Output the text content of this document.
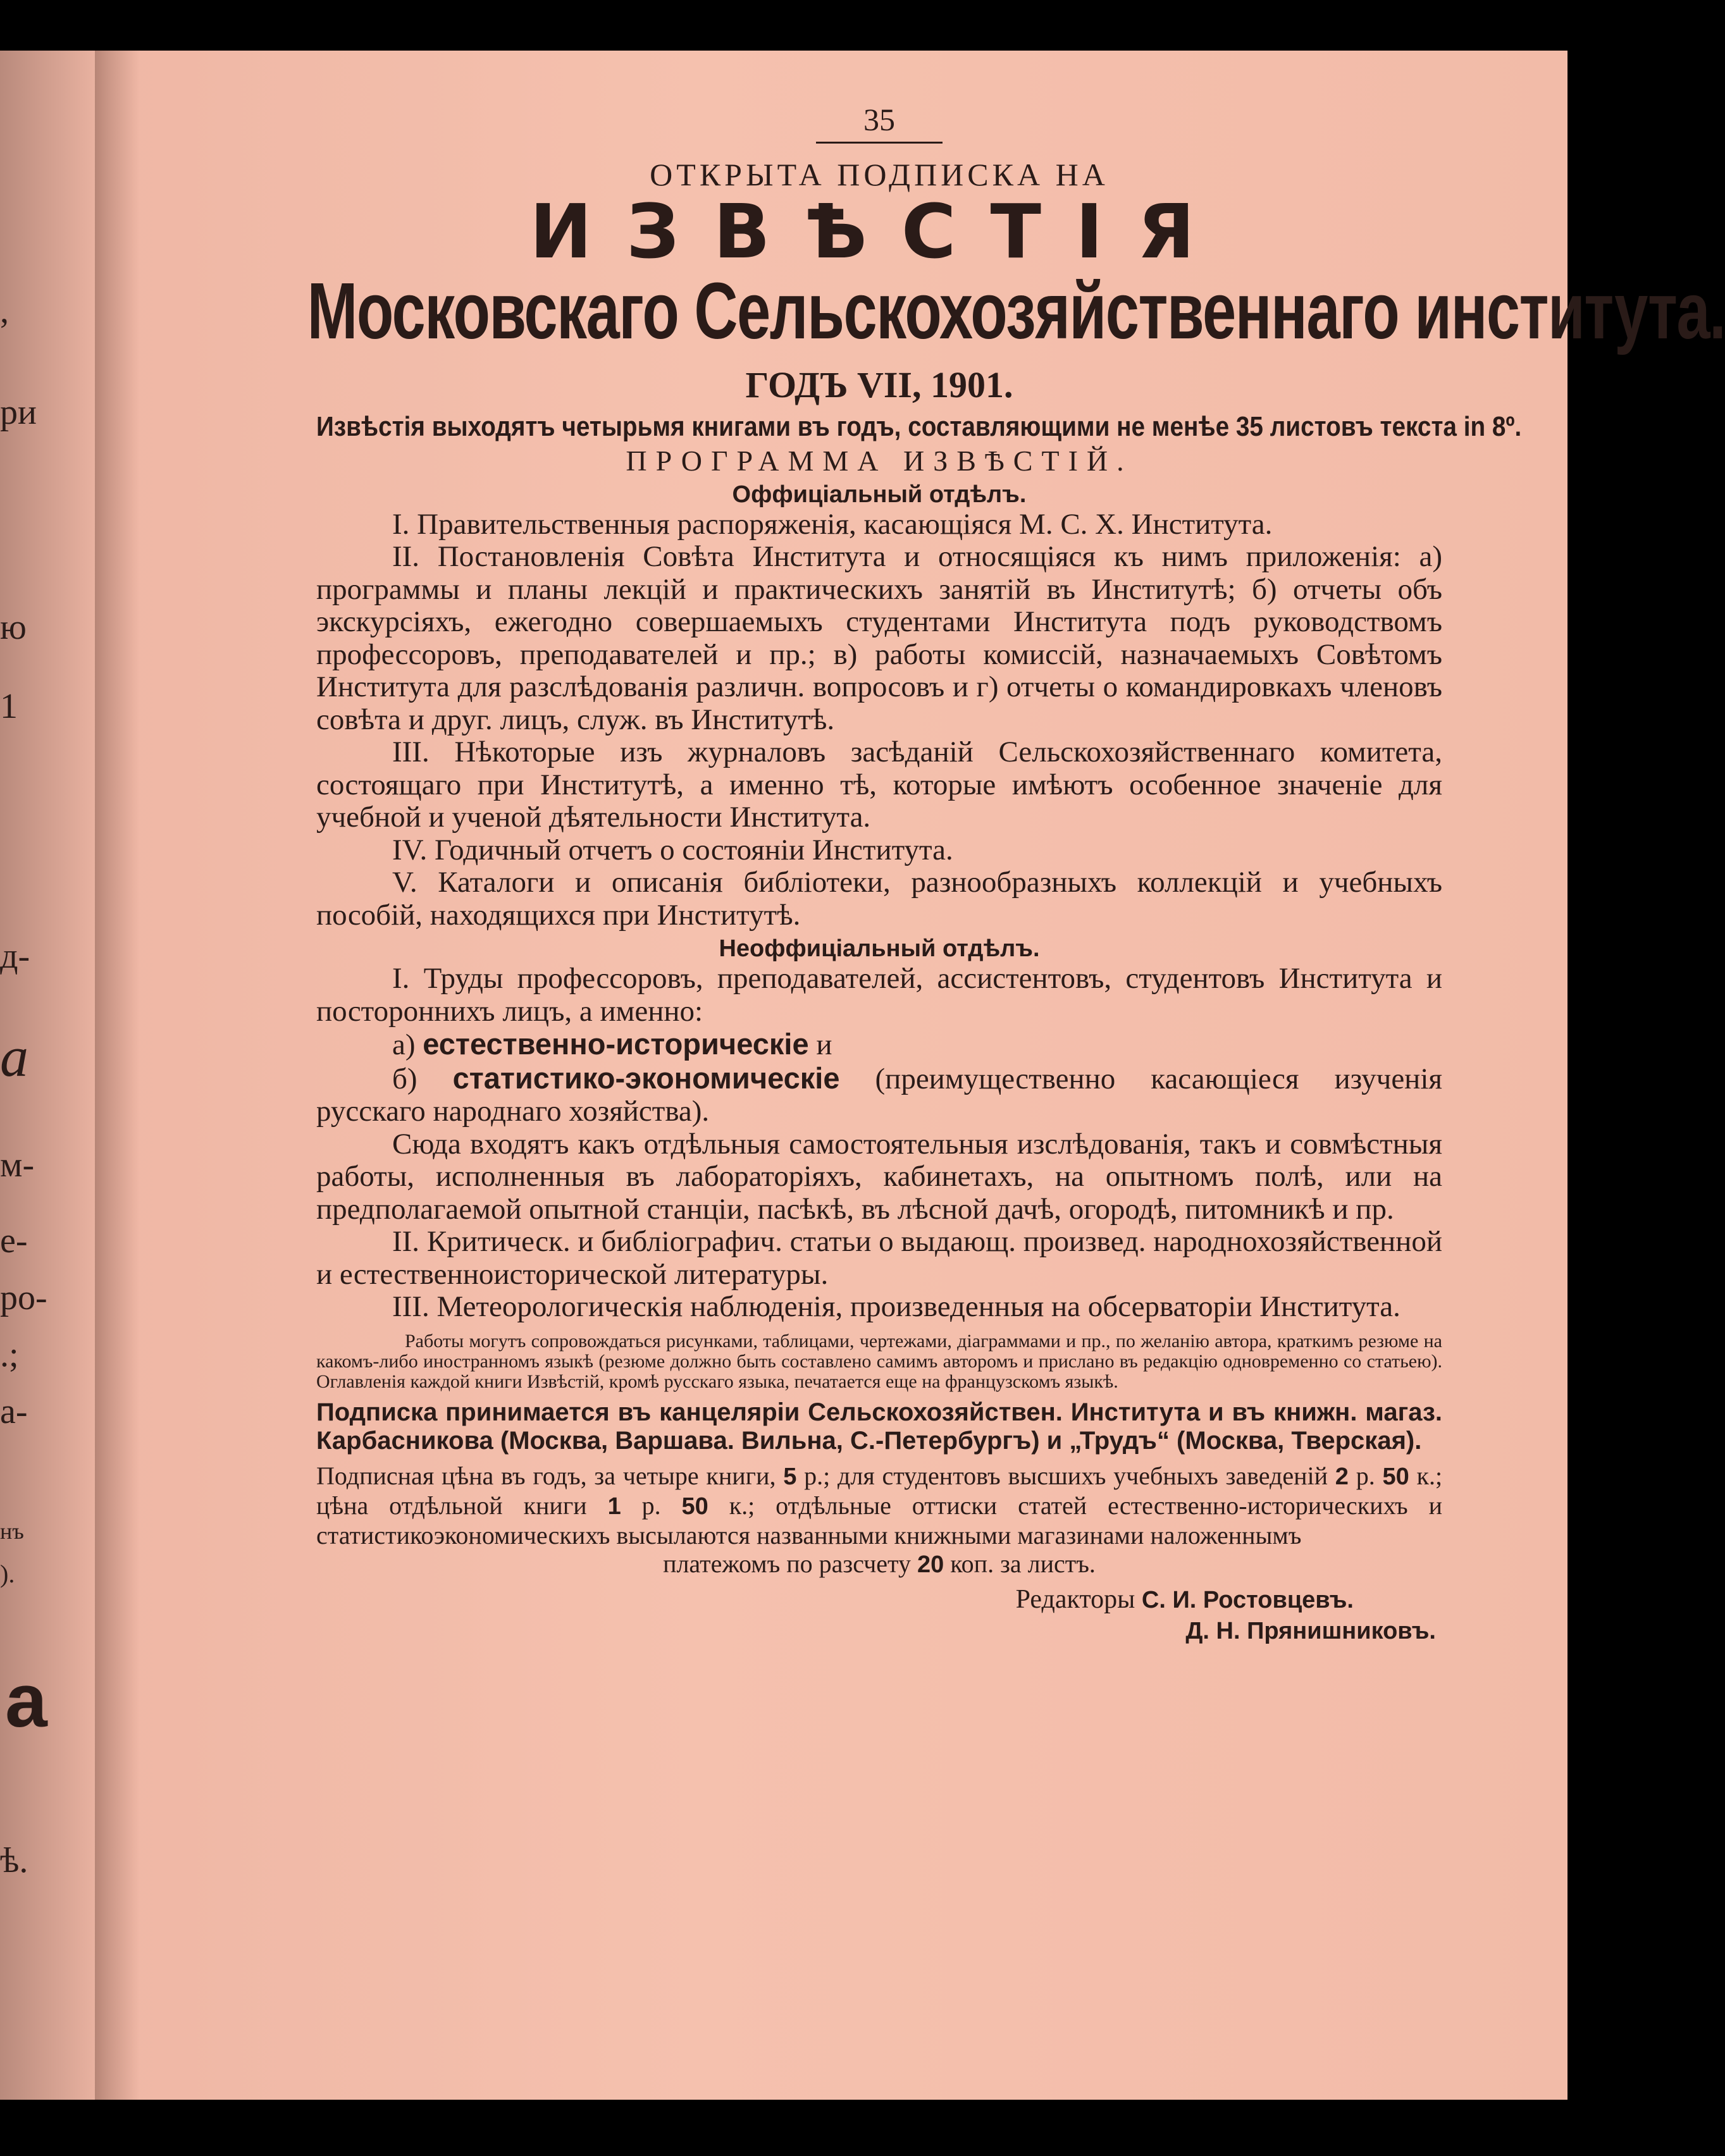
,
ри
ю
1
д-
a
м-
е-
ро-
.;
а-
нъ
).
a
ѣ.
35
ОТКРЫТА ПОДПИСКА НА
ИЗВѢСТІЯ
Московскаго Сельскохозяйственнаго института.
ГОДЪ VII, 1901.
Извѣстія выходятъ четырьмя книгами въ годъ, составляющими не менѣе 35 листовъ текста in 8º.
ПРОГРАММА ИЗВѢСТІЙ.
Оффиціальный отдѣлъ.

I. Правительственныя распоряженія, касающіяся М. С. Х. Института.

II. Постановленія Совѣта Института и относящіяся къ нимъ приложенія: а) программы и планы лекцій и практическихъ занятій въ Институтѣ; б) отчеты объ экскурсіяхъ, ежегодно совершаемыхъ студентами Института подъ руководствомъ профессоровъ, преподавателей и пр.; в) работы комиссій, назначаемыхъ Совѣтомъ Института для разслѣдованія различн. вопросовъ и г) отчеты о командировкахъ членовъ совѣта и друг. лицъ, служ. въ Институтѣ.

III. Нѣкоторые изъ журналовъ засѣданій Сельскохозяйственнаго комитета, состоящаго при Институтѣ, а именно тѣ, которые имѣютъ особенное значеніе для учебной и ученой дѣятельности Института.

IV. Годичный отчетъ о состояніи Института.

V. Каталоги и описанія библіотеки, разнообразныхъ коллекцій и учебныхъ пособій, находящихся при Институтѣ.

Неоффиціальный отдѣлъ.

I. Труды профессоровъ, преподавателей, ассистентовъ, студентовъ Института и постороннихъ лицъ, а именно:

а) естественно-историческіе и

б) статистико-экономическіе (преимущественно касающіеся изученія русскаго народнаго хозяйства).

Сюда входятъ какъ отдѣльныя самостоятельныя изслѣдованія, такъ и совмѣстныя работы, исполненныя въ лабораторіяхъ, кабинетахъ, на опытномъ полѣ, или на предполагаемой опытной станціи, пасѣкѣ, въ лѣсной дачѣ, огородѣ, питомникѣ и пр.

II. Критическ. и библіографич. статьи о выдающ. произвед. народнохозяйственной и естественноисторической литературы.

III. Метеорологическія наблюденія, произведенныя на обсерваторіи Института.

Работы могутъ сопровождаться рисунками, таблицами, чертежами, діаграммами и пр., по желанію автора, краткимъ резюме на какомъ-либо иностранномъ языкѣ (резюме должно быть составлено самимъ авторомъ и прислано въ редакцію одновременно со статьею). Оглавленія каждой книги Извѣстій, кромѣ русскаго языка, печатается еще на французскомъ языкѣ.

Подписка принимается въ канцеляріи Сельскохозяйствен. Института и въ книжн. магаз. Карбасникова (Москва, Варшава. Вильна, С.-Петербургъ) и „Трудъ“ (Москва, Тверская).

Подписная цѣна въ годъ, за четыре книги, 5 р.; для студентовъ высшихъ учебныхъ заведеній 2 р. 50 к.; цѣна отдѣльной книги 1 р. 50 к.; отдѣльные оттиски статей естественно-историческихъ и статистикоэкономическихъ высылаются названными книжными магазинами наложеннымъ

платежомъ по разсчету 20 коп. за листъ.

Редакторы С. И. Ростовцевъ.
Д. Н. Прянишниковъ.
